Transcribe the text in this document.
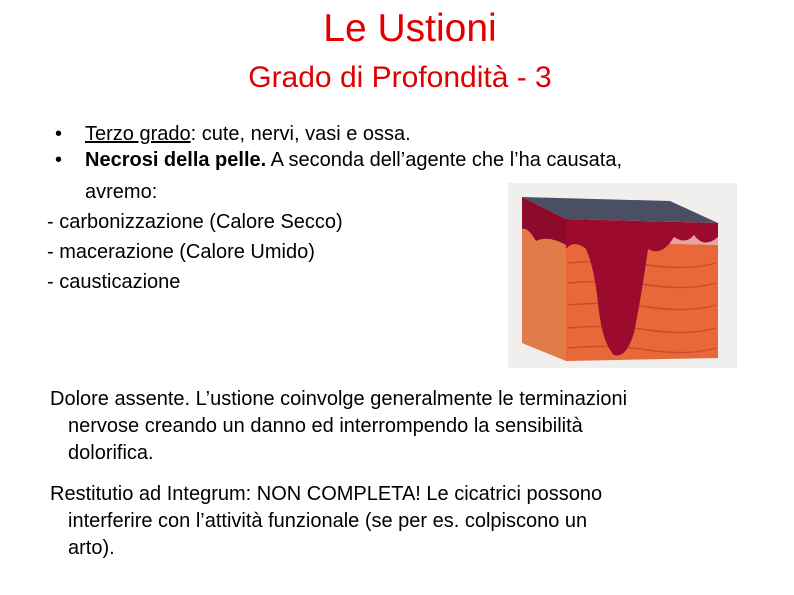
Le Ustioni
Grado di Profondità - 3
• Terzo grado: cute, nervi, vasi e ossa.
• Necrosi della pelle. A seconda dell’agente che l’ha causata,
avremo:
- carbonizzazione (Calore Secco)
- macerazione (Calore Umido)
- causticazione
Dolore assente. L’ustione coinvolge generalmente le terminazioni
nervose creando un danno ed interrompendo la sensibilità
dolorifica.
Restitutio ad Integrum: NON COMPLETA! Le cicatrici possono
interferire con l’attività funzionale (se per es. colpiscono un
arto).
